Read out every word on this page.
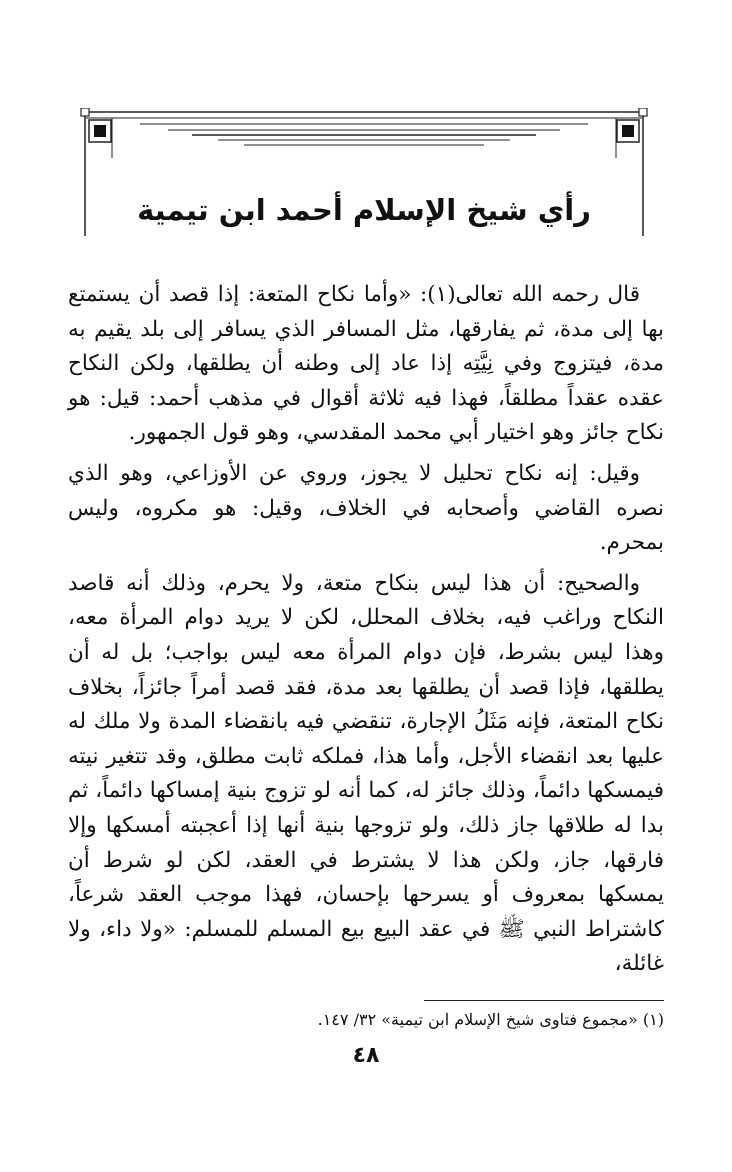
رأي شيخ الإسلام أحمد ابن تيمية

قال رحمه الله تعالى(١): «وأما نكاح المتعة: إذا قصد أن يستمتع بها إلى مدة، ثم يفارقها، مثل المسافر الذي يسافر إلى بلد يقيم به مدة، فيتزوج وفي نِيَّتِه إذا عاد إلى وطنه أن يطلقها، ولكن النكاح عقده عقداً مطلقاً، فهذا فيه ثلاثة أقوال في مذهب أحمد: قيل: هو نكاح جائز وهو اختيار أبي محمد المقدسي، وهو قول الجمهور.

وقيل: إنه نكاح تحليل لا يجوز، وروي عن الأوزاعي، وهو الذي نصره القاضي وأصحابه في الخلاف، وقيل: هو مكروه، وليس بمحرم.

والصحيح: أن هذا ليس بنكاح متعة، ولا يحرم، وذلك أنه قاصد النكاح وراغب فيه، بخلاف المحلل، لكن لا يريد دوام المرأة معه، وهذا ليس بشرط، فإن دوام المرأة معه ليس بواجب؛ بل له أن يطلقها، فإذا قصد أن يطلقها بعد مدة، فقد قصد أمراً جائزاً، بخلاف نكاح المتعة، فإنه مَثَلُ الإجارة، تنقضي فيه بانقضاء المدة ولا ملك له عليها بعد انقضاء الأجل، وأما هذا، فملكه ثابت مطلق، وقد تتغير نيته فيمسكها دائماً، وذلك جائز له، كما أنه لو تزوج بنية إمساكها دائماً، ثم بدا له طلاقها جاز ذلك، ولو تزوجها بنية أنها إذا أعجبته أمسكها وإلا فارقها، جاز، ولكن هذا لا يشترط في العقد، لكن لو شرط أن يمسكها بمعروف أو يسرحها بإحسان، فهذا موجب العقد شرعاً، كاشتراط النبي ﷺ في عقد البيع بيع المسلم للمسلم: «ولا داء، ولا غائلة،

(١) «مجموع فتاوى شيخ الإسلام ابن تيمية» ٣٢/ ١٤٧.
٤٨
